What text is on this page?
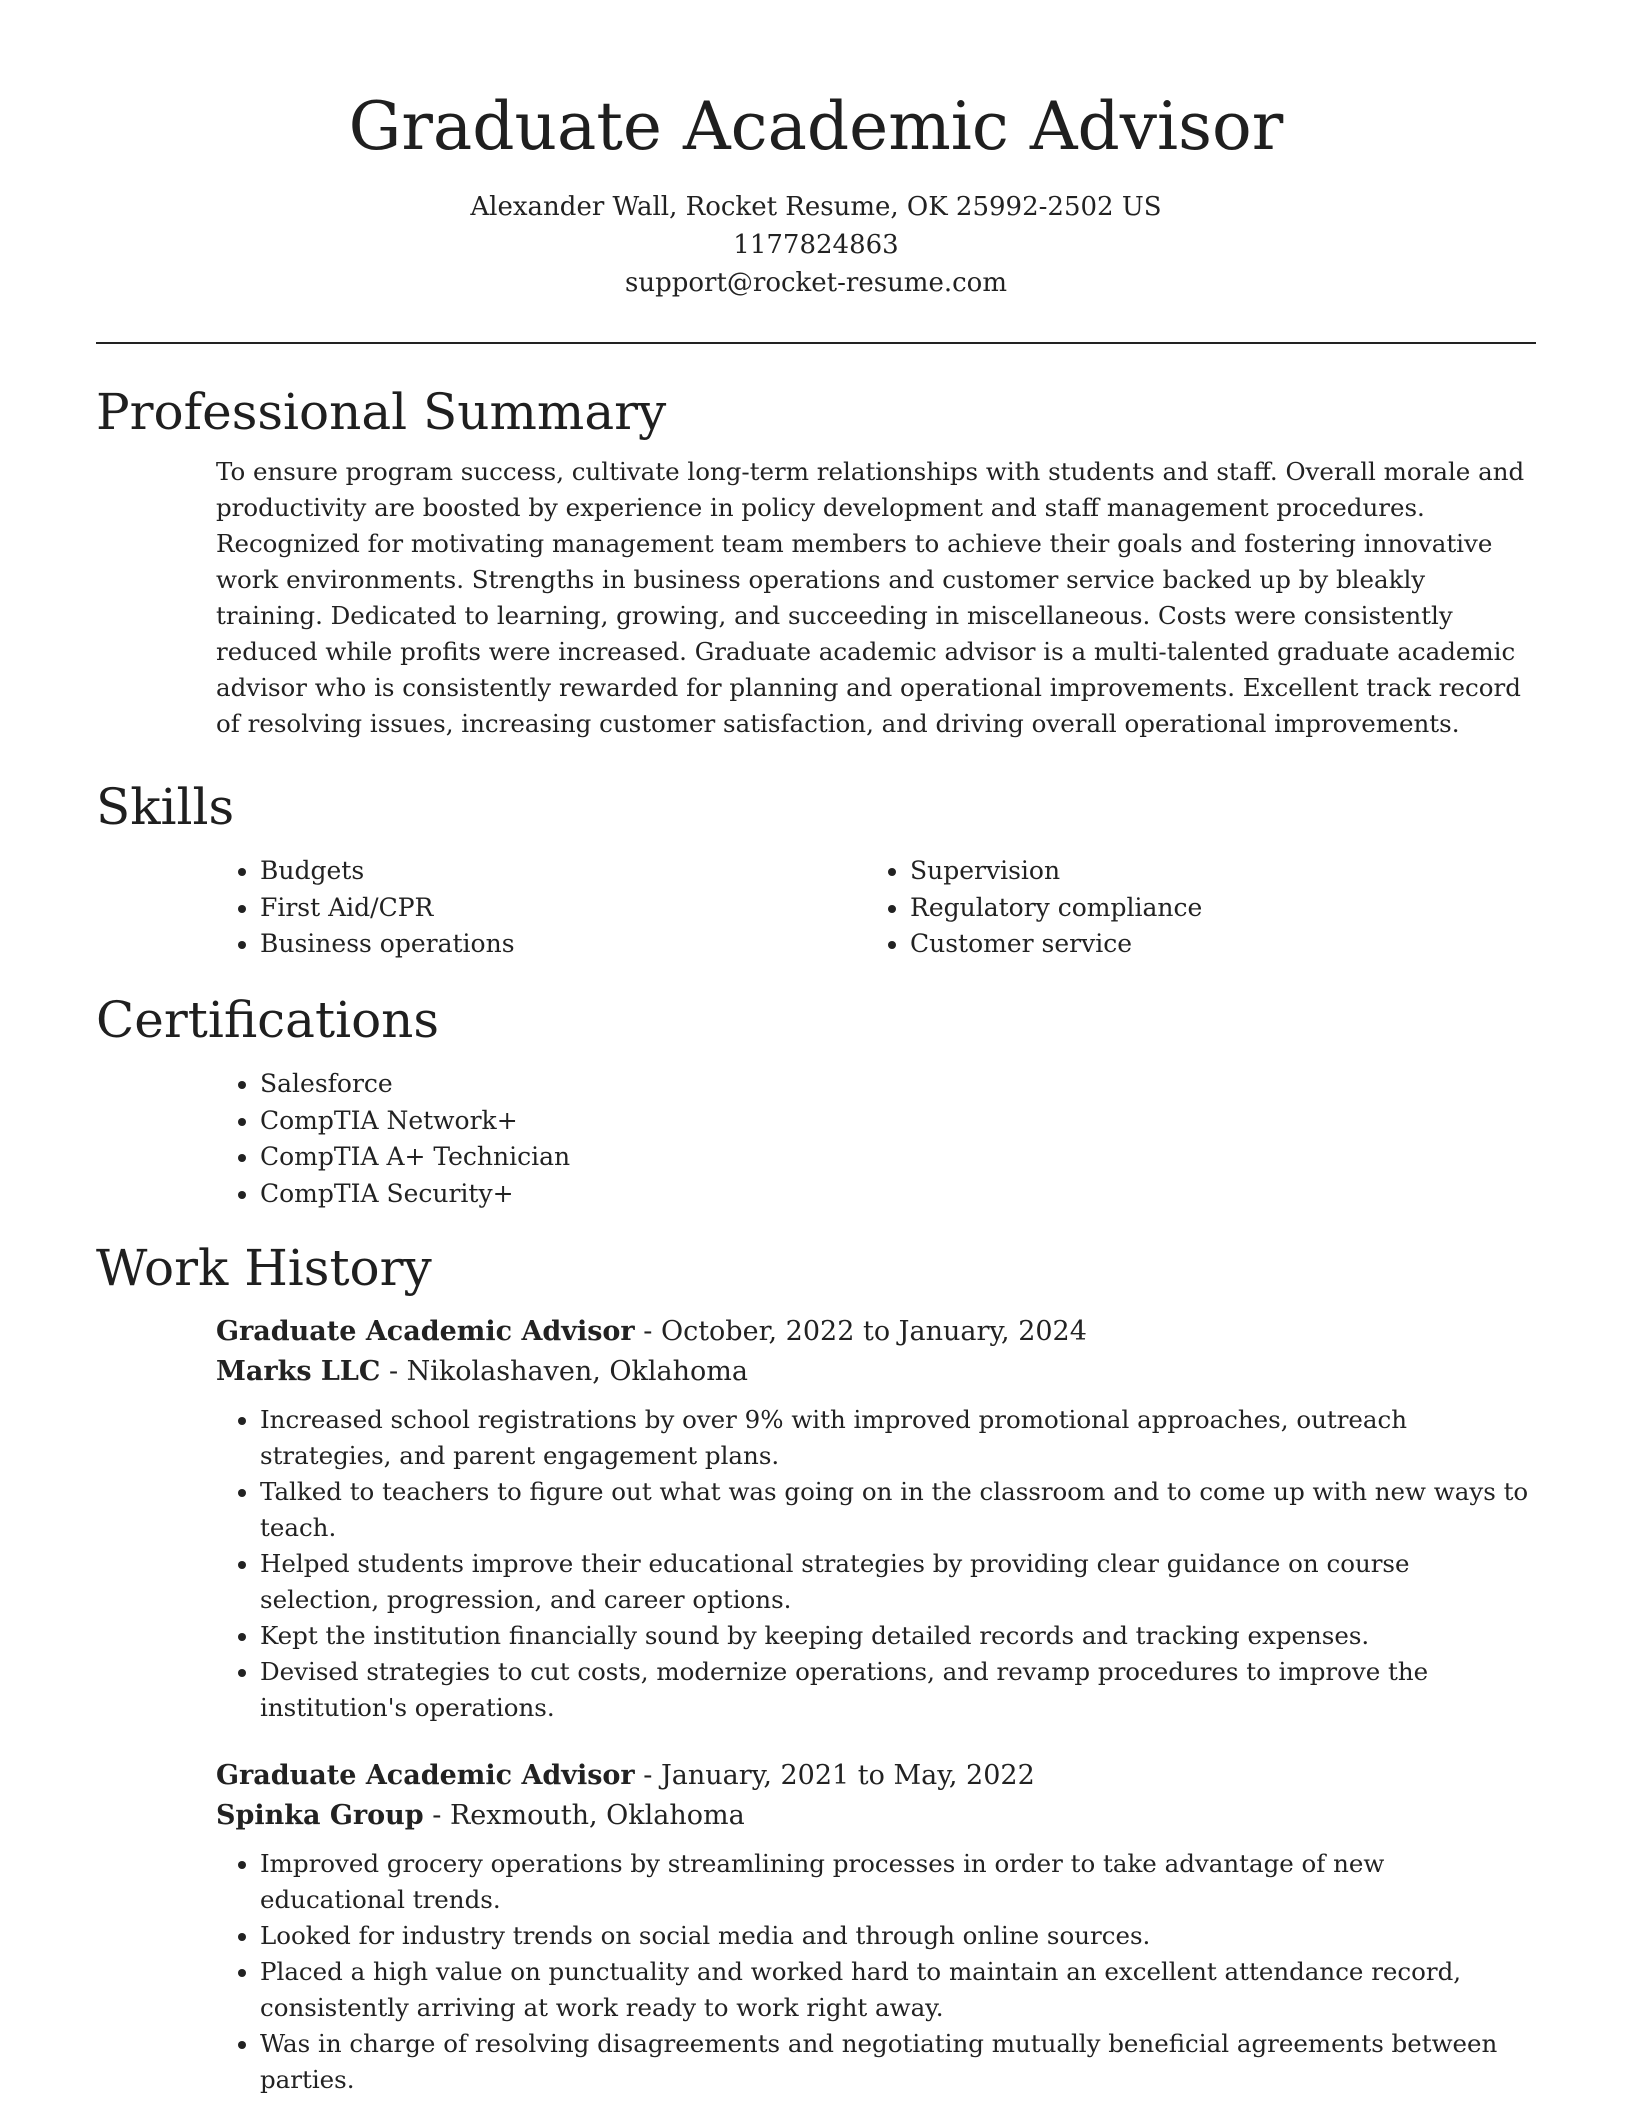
Graduate Academic Advisor
Alexander Wall, Rocket Resume, OK 25992-2502 US
1177824863
support@rocket-resume.com
Professional Summary

To ensure program success, cultivate long-term relationships with students and staff. Overall morale and productivity are boosted by experience in policy development and staff management procedures. Recognized for motivating management team members to achieve their goals and fostering innovative work environments. Strengths in business operations and customer service backed up by bleakly training. Dedicated to learning, growing, and succeeding in miscellaneous. Costs were consistently reduced while profits were increased. Graduate academic advisor is a multi-talented graduate academic advisor who is consistently rewarded for planning and operational improvements. Excellent track record of resolving issues, increasing customer satisfaction, and driving overall operational improvements.

Skills
• Budgets
• First Aid/CPR
• Business operations
• Supervision
• Regulatory compliance
• Customer service
Certifications
• Salesforce
• CompTIA Network+
• CompTIA A+ Technician
• CompTIA Security+
Work History

Graduate Academic Advisor - October, 2022 to January, 2024

Marks LLC - Nikolashaven, Oklahoma

• Increased school registrations by over 9% with improved promotional approaches, outreach strategies, and parent engagement plans.
• Talked to teachers to figure out what was going on in the classroom and to come up with new ways to teach.
• Helped students improve their educational strategies by providing clear guidance on course selection, progression, and career options.
• Kept the institution financially sound by keeping detailed records and tracking expenses.
• Devised strategies to cut costs, modernize operations, and revamp procedures to improve the institution's operations.

Graduate Academic Advisor - January, 2021 to May, 2022

Spinka Group - Rexmouth, Oklahoma

• Improved grocery operations by streamlining processes in order to take advantage of new educational trends.
• Looked for industry trends on social media and through online sources.
• Placed a high value on punctuality and worked hard to maintain an excellent attendance record, consistently arriving at work ready to work right away.
• Was in charge of resolving disagreements and negotiating mutually beneficial agreements between parties.
